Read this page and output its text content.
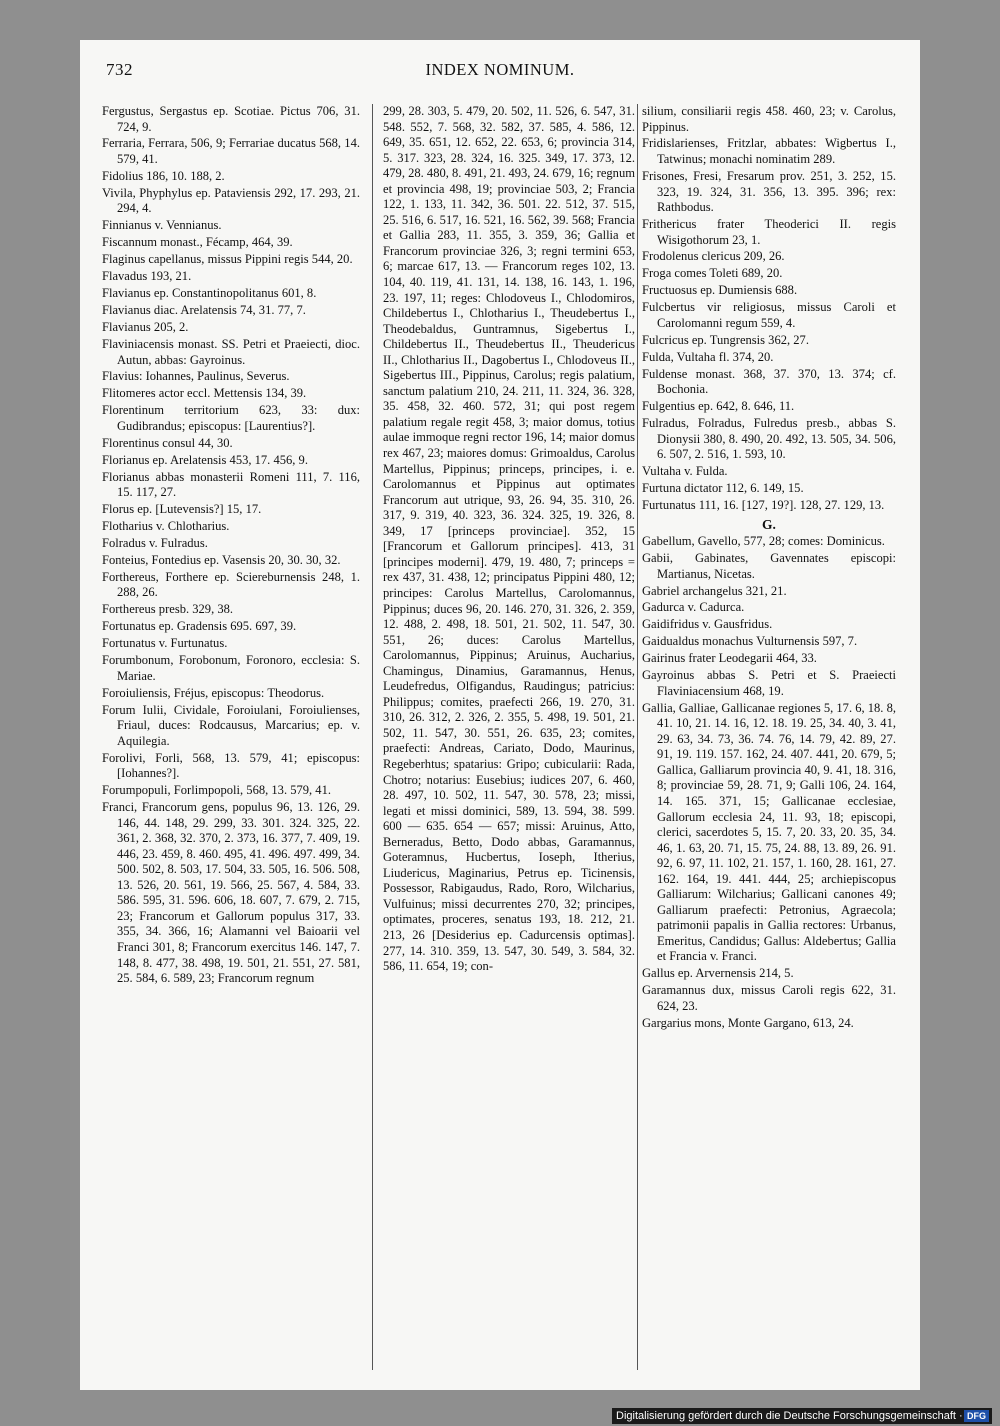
732	INDEX NOMINUM.
Fergustus, Sergastus ep. Scotiae. Pictus 706, 31. 724, 9.
Ferraria, Ferrara, 506, 9; Ferrariae ducatus 568, 14. 579, 41.
Fidolius 186, 10. 188, 2.
Vivila, Phyphylus ep. Pataviensis 292, 17. 293, 21. 294, 4.
Finnianus v. Vennianus.
Fiscannum monast., Fécamp, 464, 39.
Flaginus capellanus, missus Pippini regis 544, 20.
Flavadus 193, 21.
Flavianus ep. Constantinopolitanus 601, 8.
Flavianus diac. Arelatensis 74, 31. 77, 7.
Flavianus 205, 2.
Flaviniacensis monast. SS. Petri et Praeiecti, dioc. Autun, abbas: Gayroinus.
Flavius: Iohannes, Paulinus, Severus.
Flitomeres actor eccl. Mettensis 134, 39.
Florentinum territorium 623, 33: dux: Gudibrandus; episcopus: [Laurentius?].
Florentinus consul 44, 30.
Florianus ep. Arelatensis 453, 17. 456, 9.
Florianus abbas monasterii Romeni 111, 7. 116, 15. 117, 27.
Florus ep. [Lutevensis?] 15, 17.
Flotharius v. Chlotharius.
Folradus v. Fulradus.
Fonteius, Fontedius ep. Vasensis 20, 30. 30, 32.
Forthereus, Forthere ep. Sciereburnensis 248, 1. 288, 26.
Forthereus presb. 329, 38.
Fortunatus ep. Gradensis 695. 697, 39.
Fortunatus v. Furtunatus.
Forumbonum, Forobonum, Foronoro, ecclesia: S. Mariae.
Foroiuliensis, Fréjus, episcopus: Theodorus.
Forum Iulii, Cividale, Foroiulani, Foroiulienses, Friaul, duces: Rodcausus, Marcarius; ep. v. Aquilegia.
Forolivi, Forli, 568, 13. 579, 41; episcopus: [Iohannes?].
Forumpopuli, Forlimpopoli, 568, 13. 579, 41.
Franci, Francorum gens, populus 96, 13. 126, 29. 146, 44. 148, 29. 299, 33. 301. 324. 325, 22. 361, 2. 368, 32. 370, 2. 373, 16. 377, 7. 409, 19. 446, 23. 459, 8. 460. 495, 41. 496. 497. 499, 34. 500. 502, 8. 503, 17. 504, 33. 505, 16. 506. 508, 13. 526, 20. 561, 19. 566, 25. 567, 4. 584, 33. 586. 595, 31. 596. 606, 18. 607, 7. 679, 2. 715, 23; Francorum et Gallorum populus 317, 33. 355, 34. 366, 16; Alamanni vel Baioarii vel Franci 301, 8; Francorum exercitus 146. 147, 7. 148, 8. 477, 38. 498, 19. 501, 21. 551, 27. 581, 25. 584, 6. 589, 23; Francorum regnum
299, 28. 303, 5. 479, 20. 502, 11. 526, 6. 547, 31. 548. 552, 7. 568, 32. 582, 37. 585, 4. 586, 12. 649, 35. 651, 12. 652, 22. 653, 6; provincia 314, 5. 317. 323, 28. 324, 16. 325. 349, 17. 373, 12. 479, 28. 480, 8. 491, 21. 493, 24. 679, 16; regnum et provincia 498, 19; provinciae 503, 2; Francia 122, 1. 133, 11. 342, 36. 501. 22. 512, 37. 515, 25. 516, 6. 517, 16. 521, 16. 562, 39. 568; Francia et Gallia 283, 11. 355, 3. 359, 36; Gallia et Francorum provinciae 326, 3; regni termini 653, 6; marcae 617, 13. — Francorum reges 102, 13. 104, 40. 119, 41. 131, 14. 138, 16. 143, 1. 196, 23. 197, 11; reges: Chlodoveus I., Chlodomiros, Childebertus I., Chlotharius I., Theudebertus I., Theodebaldus, Guntramnus, Sigebertus I., Childebertus II., Theudebertus II., Theudericus II., Chlotharius II., Dagobertus I., Chlodoveus II., Sigebertus III., Pippinus, Carolus; regis palatium, sanctum palatium 210, 24. 211, 11. 324, 36. 328, 35. 458, 32. 460. 572, 31; qui post regem palatium regale regit 458, 3; maior domus, totius aulae immoque regni rector 196, 14; maior domus rex 467, 23; maiores domus: Grimoaldus, Carolus Martellus, Pippinus; princeps, principes, i. e. Carolomannus et Pippinus aut optimates Francorum aut utrique, 93, 26. 94, 35. 310, 26. 317, 9. 319, 40. 323, 36. 324. 325, 19. 326, 8. 349, 17 [princeps provinciae]. 352, 15 [Francorum et Gallorum principes]. 413, 31 [principes moderni]. 479, 19. 480, 7; princeps = rex 437, 31. 438, 12; principatus Pippini 480, 12; principes: Carolus Martellus, Carolomannus, Pippinus; duces 96, 20. 146. 270, 31. 326, 2. 359, 12. 488, 2. 498, 18. 501, 21. 502, 11. 547, 30. 551, 26; duces: Carolus Martellus, Carolomannus, Pippinus; Aruinus, Aucharius, Chamingus, Dinamius, Garamannus, Henus, Leudefredus, Olfigandus, Raudingus; patricius: Philippus; comites, praefecti 266, 19. 270, 31. 310, 26. 312, 2. 326, 2. 355, 5. 498, 19. 501, 21. 502, 11. 547, 30. 551, 26. 635, 23; comites, praefecti: Andreas, Cariato, Dodo, Maurinus, Regeberhtus; spatarius: Gripo; cubicularii: Rada, Chotro; notarius: Eusebius; iudices 207, 6. 460, 28. 497, 10. 502, 11. 547, 30. 578, 23; missi, legati et missi dominici, 589, 13. 594, 38. 599. 600 — 635. 654 — 657; missi: Aruinus, Atto, Berneradus, Betto, Dodo abbas, Garamannus, Goteramnus, Hucbertus, Ioseph, Itherius, Liudericus, Maginarius, Petrus ep. Ticinensis, Possessor, Rabigaudus, Rado, Roro, Wilcharius, Vulfuinus; missi decurrentes 270, 32; principes, optimates, proceres, senatus 193, 18. 212, 21. 213, 26 [Desiderius ep. Cadurcensis optimas]. 277, 14. 310. 359, 13. 547, 30. 549, 3. 584, 32. 586, 11. 654, 19; con-
silium, consiliarii regis 458. 460, 23; v. Carolus, Pippinus.
Fridislarienses, Fritzlar, abbates: Wigbertus I., Tatwinus; monachi nominatim 289.
Frisones, Fresi, Fresarum prov. 251, 3. 252, 15. 323, 19. 324, 31. 356, 13. 395. 396; rex: Rathbodus.
Frithericus frater Theoderici II. regis Wisigothorum 23, 1.
Frodolenus clericus 209, 26.
Froga comes Toleti 689, 20.
Fructuosus ep. Dumiensis 688.
Fulcbertus vir religiosus, missus Caroli et Carolomanni regum 559, 4.
Fulcricus ep. Tungrensis 362, 27.
Fulda, Vultaha fl. 374, 20.
Fuldense monast. 368, 37. 370, 13. 374; cf. Bochonia.
Fulgentius ep. 642, 8. 646, 11.
Fulradus, Folradus, Fulredus presb., abbas S. Dionysii 380, 8. 490, 20. 492, 13. 505, 34. 506, 6. 507, 2. 516, 1. 593, 10.
Vultaha v. Fulda.
Furtuna dictator 112, 6. 149, 15.
Furtunatus 111, 16. [127, 19?]. 128, 27. 129, 13.
G.
Gabellum, Gavello, 577, 28; comes: Dominicus.
Gabii, Gabinates, Gavennates episcopi: Martianus, Nicetas.
Gabriel archangelus 321, 21.
Gadurca v. Cadurca.
Gaidifridus v. Gausfridus.
Gaidualdus monachus Vulturnensis 597, 7.
Gairinus frater Leodegarii 464, 33.
Gayroinus abbas S. Petri et S. Praeiecti Flaviniacensium 468, 19.
Gallia, Galliae, Gallicanae regiones 5, 17. 6, 18. 8, 41. 10, 21. 14. 16, 12. 18. 19. 25, 34. 40, 3. 41, 29. 63, 34. 73, 36. 74. 76, 14. 79, 42. 89, 27. 91, 19. 119. 157. 162, 24. 407. 441, 20. 679, 5; Gallica, Galliarum provincia 40, 9. 41, 18. 316, 8; provinciae 59, 28. 71, 9; Galli 106, 24. 164, 14. 165. 371, 15; Gallicanae ecclesiae, Gallorum ecclesia 24, 11. 93, 18; episcopi, clerici, sacerdotes 5, 15. 7, 20. 33, 20. 35, 34. 46, 1. 63, 20. 71, 15. 75, 24. 88, 13. 89, 26. 91. 92, 6. 97, 11. 102, 21. 157, 1. 160, 28. 161, 27. 162. 164, 19. 441. 444, 25; archiepiscopus Galliarum: Wilcharius; Gallicani canones 49; Galliarum praefecti: Petronius, Agraecola; patrimonii papalis in Gallia rectores: Urbanus, Emeritus, Candidus; Gallus: Aldebertus; Gallia et Francia v. Franci.
Gallus ep. Arvernensis 214, 5.
Garamannus dux, missus Caroli regis 622, 31. 624, 23.
Gargarius mons, Monte Gargano, 613, 24.
Digitalisierung gefördert durch die Deutsche Forschungsgemeinschaft · DFG
